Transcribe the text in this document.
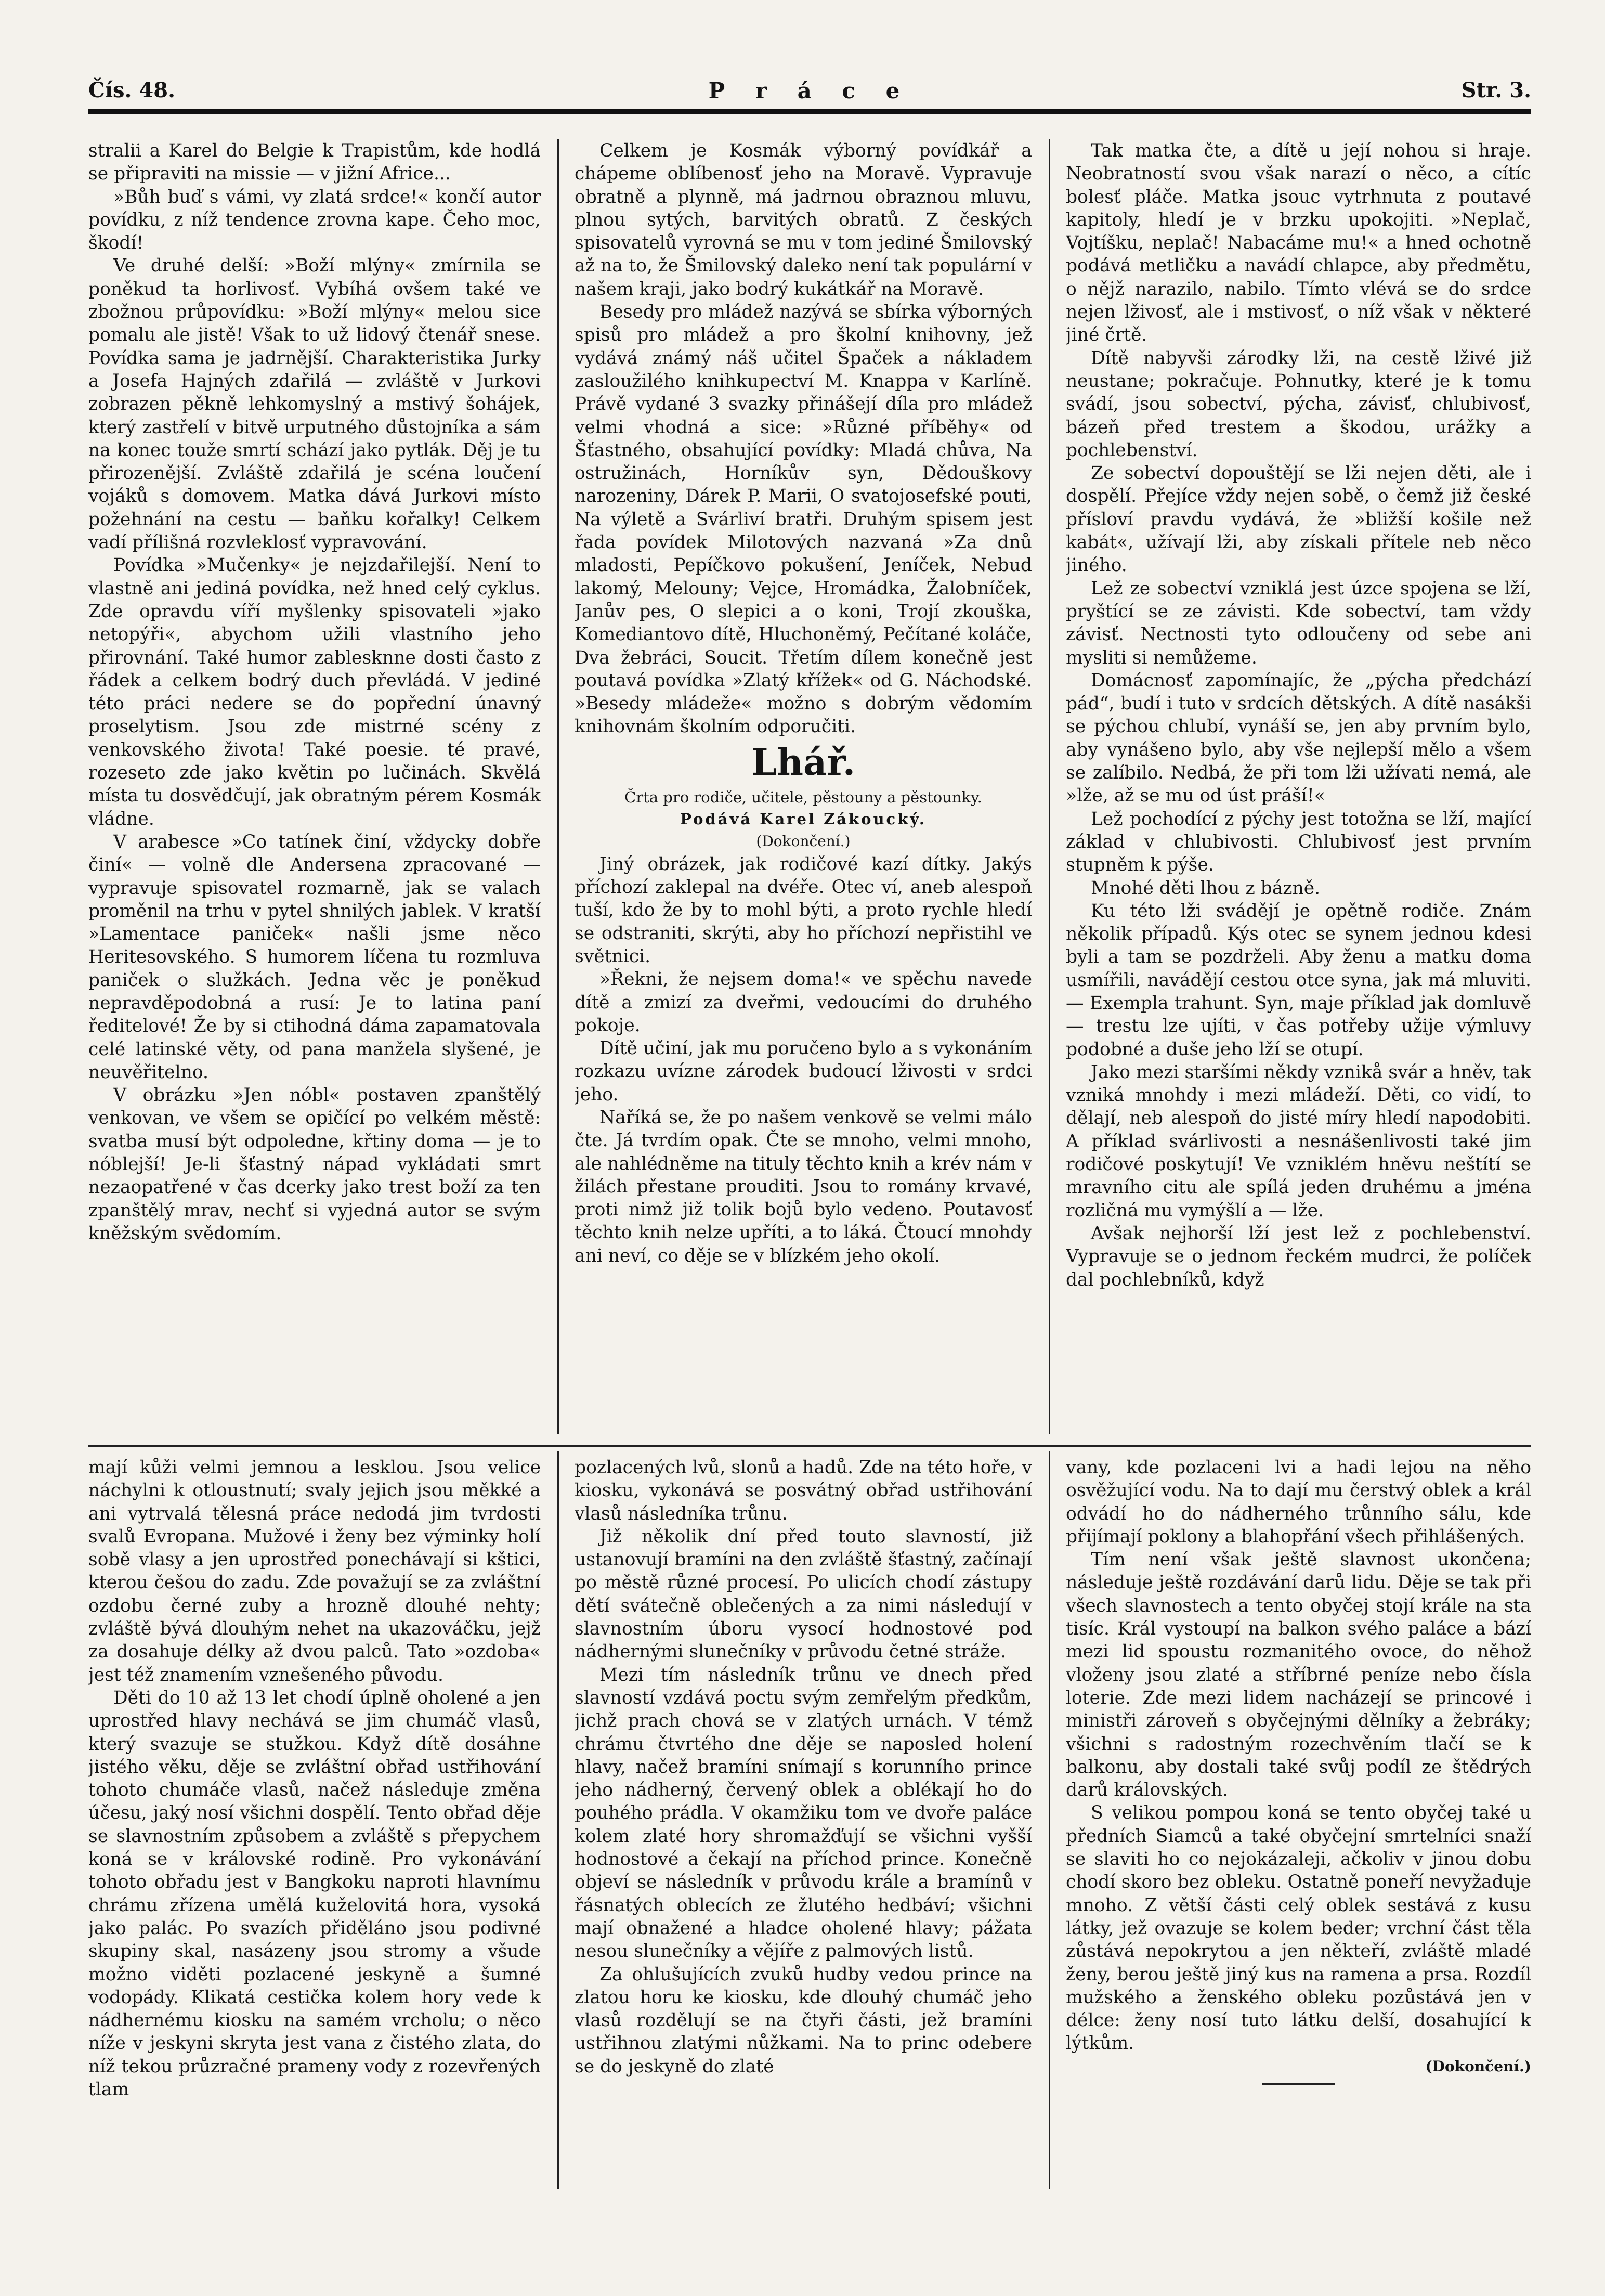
Čís. 48.	P r á c e	Str. 3.

stralii a Karel do Belgie k Trapistům, kde hodlá se připraviti na missie — v jižní Africe...

»Bůh buď s vámi, vy zlatá srdce!« končí autor povídku, z níž tendence zrovna kape. Čeho moc, škodí!

Ve druhé delší: »Boží mlýny« zmírnila se poněkud ta horlivosť. Vybíhá ovšem také ve zbožnou průpovídku: »Boží mlýny« melou sice pomalu ale jistě! Však to už lidový čtenář snese. Povídka sama je jadrnější. Charakteristika Jurky a Josefa Hajných zdařilá — zvláště v Jurkovi zobrazen pěkně lehkomyslný a mstivý šohájek, který zastřelí v bitvě urputného důstojníka a sám na konec touže smrtí schází jako pytlák. Děj je tu přirozenější. Zvláště zdařilá je scéna loučení vojáků s domovem. Matka dává Jurkovi místo požehnání na cestu — baňku kořalky! Celkem vadí přílišná rozvleklosť vypravování.

Povídka »Mučenky« je nejzdařilejší. Není to vlastně ani jediná povídka, než hned celý cyklus. Zde opravdu víří myšlenky spisovateli »jako netopýři«, abychom užili vlastního jeho přirovnání. Také humor zablesknne dosti často z řádek a celkem bodrý duch převládá. V jediné této práci nedere se do popřední únavný proselytism. Jsou zde mistrné scény z venkovského života! Také poesie. té pravé, rozeseto zde jako květin po lučinách. Skvělá místa tu dosvědčují, jak obratným pérem Kosmák vládne.

V arabesce »Co tatínek činí, vždycky dobře činí« — volně dle Andersena zpracované — vypravuje spisovatel rozmarně, jak se valach proměnil na trhu v pytel shnilých jablek. V kratší »Lamentace paniček« našli jsme něco Heritesovského. S humorem líčena tu rozmluva paniček o služkách. Jedna věc je poněkud nepravděpodobná a rusí: Je to latina paní ředitelové! Že by si ctihodná dáma zapamatovala celé latinské věty, od pana manžela slyšené, je neuvěřitelno.

V obrázku »Jen nóbl« postaven zpanštělý venkovan, ve všem se opičící po velkém městě: svatba musí být odpoledne, křtiny doma — je to nóblejší! Je-li šťastný nápad vykládati smrt nezaopatřené v čas dcerky jako trest boží za ten zpanštělý mrav, nechť si vyjedná autor se svým kněžským svědomím.

Celkem je Kosmák výborný povídkář a chápeme oblíbenosť jeho na Moravě. Vypravuje obratně a plynně, má jadrnou obraznou mluvu, plnou sytých, barvitých obratů. Z českých spisovatelů vyrovná se mu v tom jediné Šmilovský až na to, že Šmilovský daleko není tak populární v našem kraji, jako bodrý kukátkář na Moravě.

Besedy pro mládež nazývá se sbírka výborných spisů pro mládež a pro školní knihovny, jež vydává známý náš učitel Špaček a nákladem zasloužilého knihkupectví M. Knappa v Karlíně. Právě vydané 3 svazky přinášejí díla pro mládež velmi vhodná a sice: »Různé příběhy« od Šťastného, obsahující povídky: Mladá chůva, Na ostružinách, Horníkův syn, Dědouškovy narozeniny, Dárek P. Marii, O svatojosefské pouti, Na výletě a Svárliví bratři. Druhým spisem jest řada povídek Milotových nazvaná »Za dnů mladosti, Pepíčkovo pokušení, Jeníček, Nebuď lakomý, Melouny; Vejce, Hromádka, Žalobníček, Janův pes, O slepici a o koni, Trojí zkouška, Komediantovo dítě, Hluchoněmý, Pečítané koláče, Dva žebráci, Soucit. Třetím dílem konečně jest poutavá povídka »Zlatý křížek« od G. Náchodské. »Besedy mládeže« možno s dobrým vědomím knihovnám školním odporučiti.

Lhář.

Črta pro rodiče, učitele, pěstouny a pěstounky.

Podává Karel Zákoucký.

(Dokončení.)

Jiný obrázek, jak rodičové kazí dítky. Jakýs příchozí zaklepal na dvéře. Otec ví, aneb alespoň tuší, kdo že by to mohl býti, a proto rychle hledí se odstraniti, skrýti, aby ho příchozí nepřistihl ve světnici.

»Řekni, že nejsem doma!« ve spěchu navede dítě a zmizí za dveřmi, vedoucími do druhého pokoje.

Dítě učiní, jak mu poručeno bylo a s vykonáním rozkazu uvízne zárodek budoucí lživosti v srdci jeho.

Naříká se, že po našem venkově se velmi málo čte. Já tvrdím opak. Čte se mnoho, velmi mnoho, ale nahlédněme na tituly těchto knih a krév nám v žilách přestane prouditi. Jsou to romány krvavé, proti nimž již tolik bojů bylo vedeno. Poutavosť těchto knih nelze upříti, a to láká. Čtoucí mnohdy ani neví, co děje se v blízkém jeho okolí.

Tak matka čte, a dítě u její nohou si hraje. Neobratností svou však narazí o něco, a cítíc bolesť pláče. Matka jsouc vytrhnuta z poutavé kapitoly, hledí je v brzku upokojiti. »Neplač, Vojtíšku, neplač! Nabacáme mu!« a hned ochotně podává metličku a navádí chlapce, aby předmětu, o nějž narazilo, nabilo. Tímto vlévá se do srdce nejen lživosť, ale i mstivosť, o níž však v některé jiné črtě.

Dítě nabyvši zárodky lži, na cestě lživé již neustane; pokračuje. Pohnutky, které je k tomu svádí, jsou sobectví, pýcha, závisť, chlubivosť, bázeň před trestem a škodou, urážky a pochlebenství.

Ze sobectví dopouštějí se lži nejen děti, ale i dospělí. Přejíce vždy nejen sobě, o čemž již české přísloví pravdu vydává, že »bližší košile než kabát«, užívají lži, aby získali přítele neb něco jiného.

Lež ze sobectví vzniklá jest úzce spojena se lží, pryštící se ze závisti. Kde sobectví, tam vždy závisť. Nectnosti tyto odloučeny od sebe ani mysliti si nemůžeme.

Domácnosť zapomínajíc, že „pýcha předchází pád“, budí i tuto v srdcích dětských. A dítě nasákši se pýchou chlubí, vynáší se, jen aby prvním bylo, aby vynášeno bylo, aby vše nejlepší mělo a všem se zalíbilo. Nedbá, že při tom lži užívati nemá, ale »lže, až se mu od úst práší!«

Lež pochodící z pýchy jest totožna se lží, mající základ v chlubivosti. Chlubivosť jest prvním stupněm k pýše.

Mnohé děti lhou z bázně.

Ku této lži svádějí je opětně rodiče. Znám několik případů. Kýs otec se synem jednou kdesi byli a tam se pozdrželi. Aby ženu a matku doma usmířili, navádějí cestou otce syna, jak má mluviti. — Exempla trahunt. Syn, maje příklad jak domluvě — trestu lze ujíti, v čas potřeby užije výmluvy podobné a duše jeho lží se otupí.

Jako mezi staršími někdy vznikå svár a hněv, tak vzniká mnohdy i mezi mládeží. Děti, co vidí, to dělají, neb alespoň do jisté míry hledí napodobiti. A příklad svárlivosti a nesnášenlivosti také jim rodičové poskytují! Ve vzniklém hněvu neštítí se mravního citu ale spílá jeden druhému a jména rozličná mu vymýšlí a — lže.

Avšak nejhorší lží jest lež z pochlebenství. Vypravuje se o jednom řeckém mudrci, že políček dal pochlebníků, když

mají kůži velmi jemnou a lesklou. Jsou velice náchylni k otloustnutí; svaly jejich jsou měkké a ani vytrvalá tělesná práce nedodá jim tvrdosti svalů Evropana. Mužové i ženy bez výminky holí sobě vlasy a jen uprostřed ponechávají si kštici, kterou češou do zadu. Zde považují se za zvláštní ozdobu černé zuby a hrozně dlouhé nehty; zvláště bývá dlouhým nehet na ukazováčku, jejž za dosahuje délky až dvou palců. Tato »ozdoba« jest též znamením vznešeného původu.

Děti do 10 až 13 let chodí úplně oholené a jen uprostřed hlavy nechává se jim chumáč vlasů, který svazuje se stužkou. Když dítě dosáhne jistého věku, děje se zvláštní obřad ustřihování tohoto chumáče vlasů, načež následuje změna účesu, jaký nosí všichni dospělí. Tento obřad děje se slavnostním způsobem a zvláště s přepychem koná se v královské rodině. Pro vykonávání tohoto obřadu jest v Bangkoku naproti hlavnímu chrámu zřízena umělá kuželovitá hora, vysoká jako palác. Po svazích přiděláno jsou podivné skupiny skal, nasázeny jsou stromy a všude možno viděti pozlacené jeskyně a šumné vodopády. Klikatá cestička kolem hory vede k nádhernému kiosku na samém vrcholu; o něco níže v jeskyni skryta jest vana z čistého zlata, do níž tekou průzračné prameny vody z rozevřených tlam

pozlacených lvů, slonů a hadů. Zde na této hoře, v kiosku, vykonává se posvátný obřad ustřihování vlasů následníka trůnu.

Již několik dní před touto slavností, již ustanovují bramíni na den zvláště šťastný, začínají po městě různé procesí. Po ulicích chodí zástupy dětí svátečně oblečených a za nimi následují v slavnostním úboru vysocí hodnostové pod nádhernými slunečníky v průvodu četné stráže.

Mezi tím následník trůnu ve dnech před slavností vzdává poctu svým zemřelým předkům, jichž prach chová se v zlatých urnách. V témž chrámu čtvrtého dne děje se naposled holení hlavy, načež bramíni snímají s korunního prince jeho nádherný, červený oblek a oblékají ho do pouhého prádla. V okamžiku tom ve dvoře paláce kolem zlaté hory shromažďují se všichni vyšší hodnostové a čekají na příchod prince. Konečně objeví se následník v průvodu krále a bramínů v řásnatých oblecích ze žlutého hedbáví; všichni mají obnažené a hladce oholené hlavy; pážata nesou slunečníky a vějíře z palmových listů.

Za ohlušujících zvuků hudby vedou prince na zlatou horu ke kiosku, kde dlouhý chumáč jeho vlasů rozdělují se na čtyři části, jež bramíni ustřihnou zlatými nůžkami. Na to princ odebere se do jeskyně do zlaté

vany, kde pozlaceni lvi a hadi lejou na něho osvěžující vodu. Na to dají mu čerstvý oblek a král odvádí ho do nádherného trůnního sálu, kde přijímají poklony a blahopřání všech přihlášených.

Tím není však ještě slavnost ukončena; následuje ještě rozdávání darů lidu. Děje se tak při všech slavnostech a tento obyčej stojí krále na sta tisíc. Král vystoupí na balkon svého paláce a bází mezi lid spoustu rozmanitého ovoce, do něhož vloženy jsou zlaté a stříbrné peníze nebo čísla loterie. Zde mezi lidem nacházejí se princové i ministři zároveň s obyčejnými dělníky a žebráky; všichni s radostným rozechvěním tlačí se k balkonu, aby dostali také svůj podíl ze štědrých darů královských.

S velikou pompou koná se tento obyčej také u předních Siamců a také obyčejní smrtelníci snaží se slaviti ho co nejokázaleji, ačkoliv v jinou dobu chodí skoro bez obleku. Ostatně poneří nevyžaduje mnoho. Z větší části celý oblek sestává z kusu látky, jež ovazuje se kolem beder; vrchní část těla zůstává nepokrytou a jen někteří, zvláště mladé ženy, berou ještě jiný kus na ramena a prsa. Rozdíl mužského a ženského obleku pozůstává jen v délce: ženy nosí tuto látku delší, dosahující k lýtkům.

(Dokončení.)
